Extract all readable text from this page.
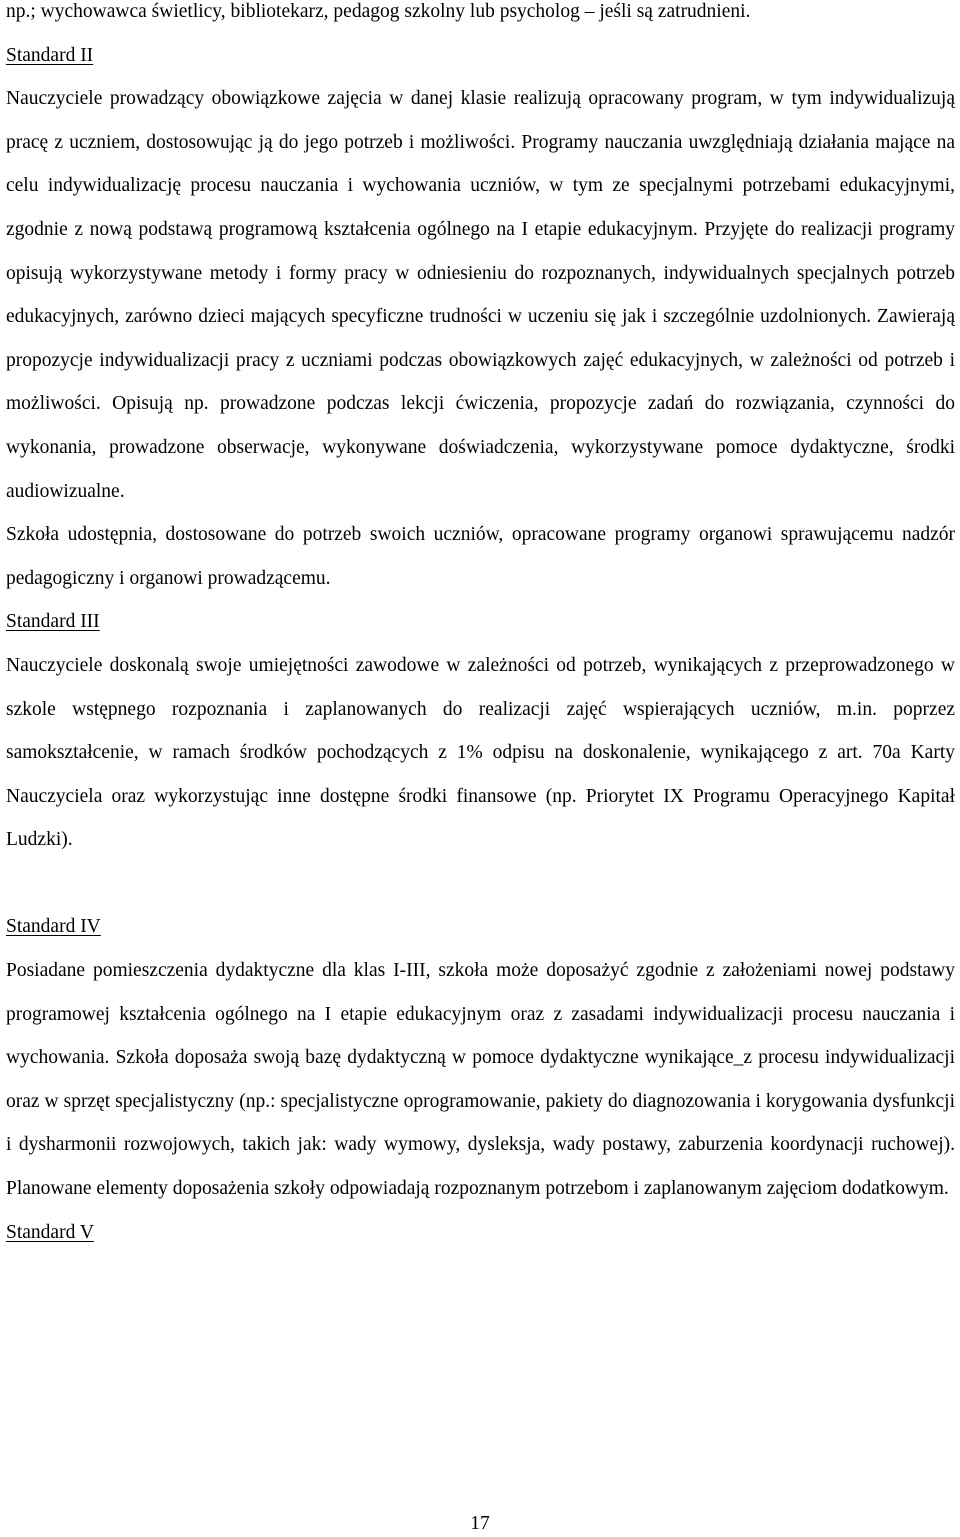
np.; wychowawca świetlicy, bibliotekarz, pedagog szkolny lub psycholog – jeśli są zatrudnieni.

Standard II

Nauczyciele prowadzący obowiązkowe zajęcia w danej klasie realizują opracowany program, w tym indywidualizują pracę z uczniem, dostosowując ją do jego potrzeb i możliwości. Programy nauczania uwzględniają działania mające na celu indywidualizację procesu nauczania i wychowania uczniów, w tym ze specjalnymi potrzebami edukacyjnymi, zgodnie z nową podstawą programową kształcenia ogólnego na I etapie edukacyjnym. Przyjęte do realizacji programy opisują wykorzystywane metody i formy pracy w odniesieniu do rozpoznanych, indywidualnych specjalnych potrzeb edukacyjnych, zarówno dzieci mających specyficzne trudności w uczeniu się jak i szczególnie uzdolnionych. Zawierają propozycje indywidualizacji pracy z uczniami podczas obowiązkowych zajęć edukacyjnych, w zależności od potrzeb i możliwości. Opisują np. prowadzone podczas lekcji ćwiczenia, propozycje zadań do rozwiązania, czynności do wykonania, prowadzone obserwacje, wykonywane doświadczenia, wykorzystywane pomoce dydaktyczne, środki audiowizualne.

Szkoła udostępnia, dostosowane do potrzeb swoich uczniów, opracowane programy organowi sprawującemu nadzór pedagogiczny i organowi prowadzącemu.

Standard III

Nauczyciele doskonalą swoje umiejętności zawodowe w zależności od potrzeb, wynikających z przeprowadzonego w szkole wstępnego rozpoznania i zaplanowanych do realizacji zajęć wspierających uczniów, m.in. poprzez samokształcenie, w ramach środków pochodzących z 1% odpisu na doskonalenie, wynikającego z art. 70a Karty Nauczyciela oraz wykorzystując inne dostępne środki finansowe (np. Priorytet IX Programu Operacyjnego Kapitał Ludzki).

Standard IV

Posiadane pomieszczenia dydaktyczne dla klas I-III, szkoła może doposażyć zgodnie z założeniami nowej podstawy programowej kształcenia ogólnego na I etapie edukacyjnym oraz z zasadami indywidualizacji procesu nauczania i wychowania. Szkoła doposaża swoją bazę dydaktyczną w pomoce dydaktyczne wynikające_z procesu indywidualizacji oraz w sprzęt specjalistyczny (np.: specjalistyczne oprogramowanie, pakiety do diagnozowania i korygowania dysfunkcji i dysharmonii rozwojowych, takich jak: wady wymowy, dysleksja, wady postawy, zaburzenia koordynacji ruchowej). Planowane elementy doposażenia szkoły odpowiadają rozpoznanym potrzebom i zaplanowanym zajęciom dodatkowym.

Standard V

17
